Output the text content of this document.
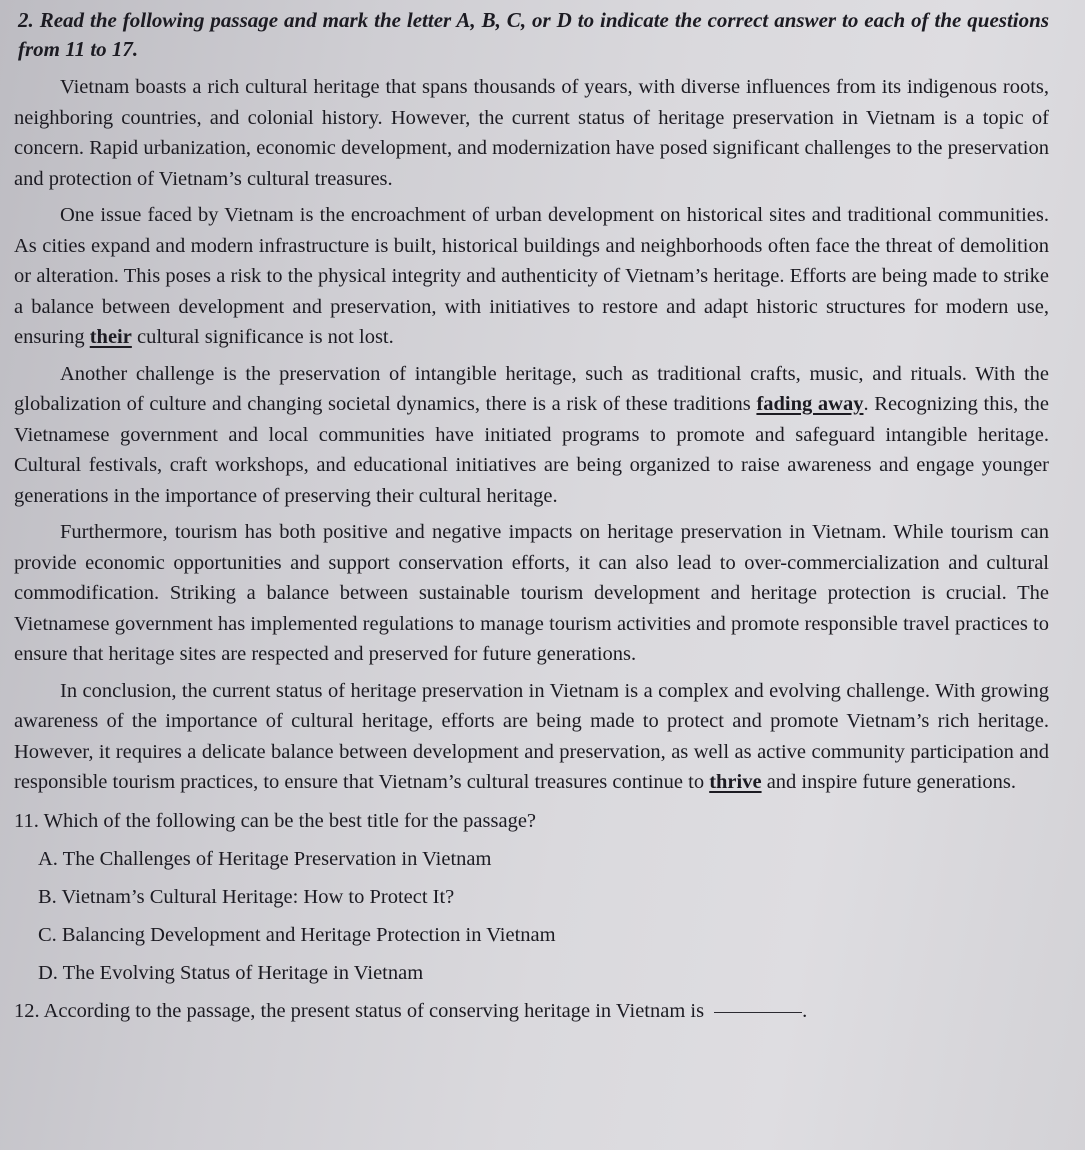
2. Read the following passage and mark the letter A, B, C, or D to indicate the correct answer to each of the questions from 11 to 17.

Vietnam boasts a rich cultural heritage that spans thousands of years, with diverse influences from its indigenous roots, neighboring countries, and colonial history. However, the current status of heritage preservation in Vietnam is a topic of concern. Rapid urbanization, economic development, and modernization have posed significant challenges to the preservation and protection of Vietnam’s cultural treasures.

One issue faced by Vietnam is the encroachment of urban development on historical sites and traditional communities. As cities expand and modern infrastructure is built, historical buildings and neighborhoods often face the threat of demolition or alteration. This poses a risk to the physical integrity and authenticity of Vietnam’s heritage. Efforts are being made to strike a balance between development and preservation, with initiatives to restore and adapt historic structures for modern use, ensuring their cultural significance is not lost.

Another challenge is the preservation of intangible heritage, such as traditional crafts, music, and rituals. With the globalization of culture and changing societal dynamics, there is a risk of these traditions fading away. Recognizing this, the Vietnamese government and local communities have initiated programs to promote and safeguard intangible heritage. Cultural festivals, craft workshops, and educational initiatives are being organized to raise awareness and engage younger generations in the importance of preserving their cultural heritage.

Furthermore, tourism has both positive and negative impacts on heritage preservation in Vietnam. While tourism can provide economic opportunities and support conservation efforts, it can also lead to over-commercialization and cultural commodification. Striking a balance between sustainable tourism development and heritage protection is crucial. The Vietnamese government has implemented regulations to manage tourism activities and promote responsible travel practices to ensure that heritage sites are respected and preserved for future generations.

In conclusion, the current status of heritage preservation in Vietnam is a complex and evolving challenge. With growing awareness of the importance of cultural heritage, efforts are being made to protect and promote Vietnam’s rich heritage. However, it requires a delicate balance between development and preservation, as well as active community participation and responsible tourism practices, to ensure that Vietnam’s cultural treasures continue to thrive and inspire future generations.

11. Which of the following can be the best title for the passage?

A. The Challenges of Heritage Preservation in Vietnam
B. Vietnam’s Cultural Heritage: How to Protect It?
C. Balancing Development and Heritage Protection in Vietnam
D. The Evolving Status of Heritage in Vietnam

12. According to the passage, the present status of conserving heritage in Vietnam is	.
